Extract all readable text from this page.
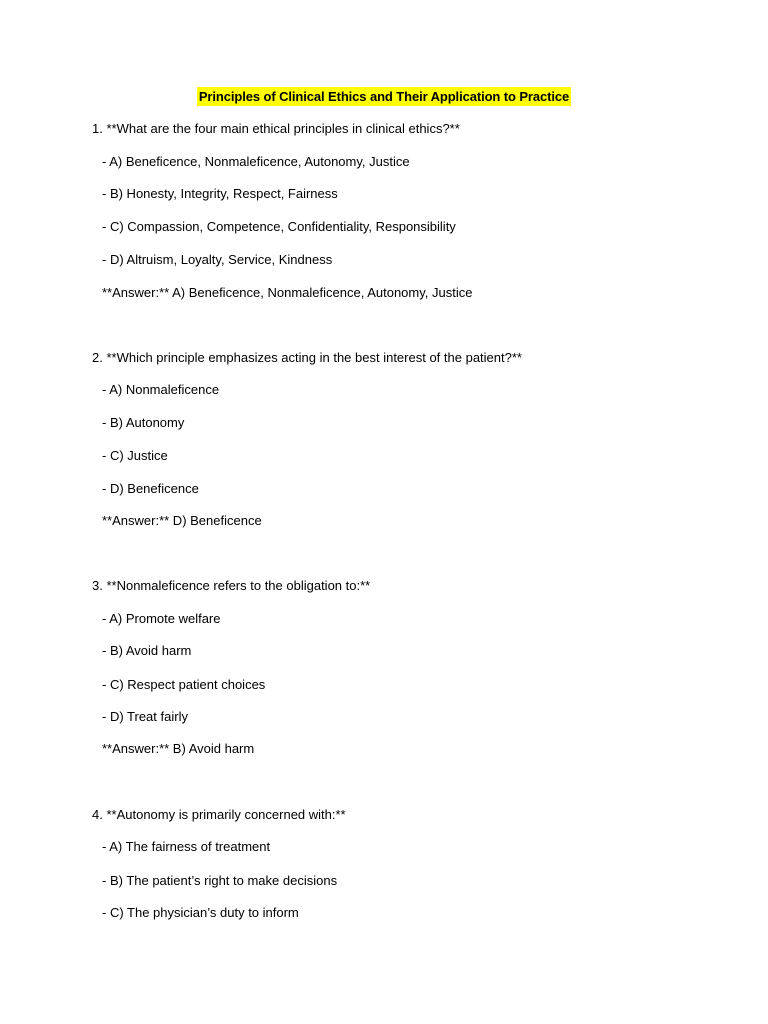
Principles of Clinical Ethics and Their Application to Practice
1. **What are the four main ethical principles in clinical ethics?**
- A) Beneficence, Nonmaleficence, Autonomy, Justice
- B) Honesty, Integrity, Respect, Fairness
- C) Compassion, Competence, Confidentiality, Responsibility
- D) Altruism, Loyalty, Service, Kindness
**Answer:** A) Beneficence, Nonmaleficence, Autonomy, Justice
2. **Which principle emphasizes acting in the best interest of the patient?**
- A) Nonmaleficence
- B) Autonomy
- C) Justice
- D) Beneficence
**Answer:** D) Beneficence
3. **Nonmaleficence refers to the obligation to:**
- A) Promote welfare
- B) Avoid harm
- C) Respect patient choices
- D) Treat fairly
**Answer:** B) Avoid harm
4. **Autonomy is primarily concerned with:**
- A) The fairness of treatment
- B) The patient’s right to make decisions
- C) The physician’s duty to inform
